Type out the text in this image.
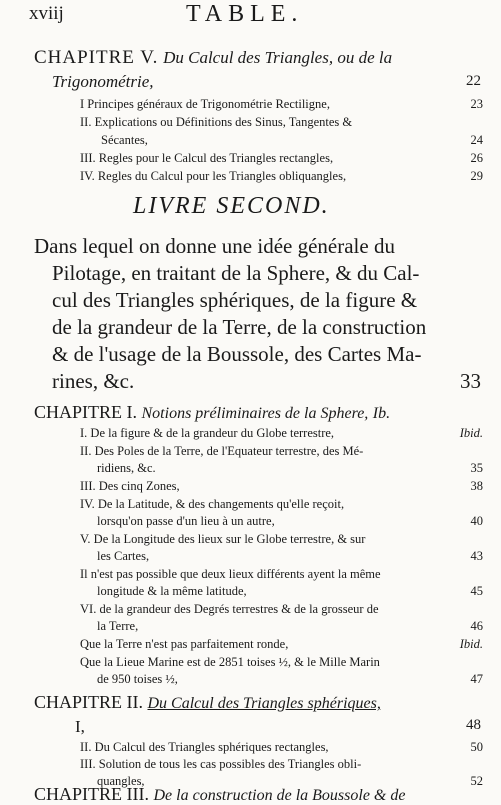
xviij	TABLE.
CHAPITRE V. Du Calcul des Triangles, ou de la
Trigonométrie,	22
I Principes généraux de Trigonométrie Rectiligne,	23
II. Explications ou Définitions des Sinus, Tangentes &
Sécantes,	24
III. Regles pour le Calcul des Triangles rectangles,	26
IV. Regles du Calcul pour les Triangles obliquangles,	29
LIVRE SECOND.
Dans lequel on donne une idée générale du
Pilotage, en traitant de la Sphere, & du Cal-
cul des Triangles sphériques, de la figure &
de la grandeur de la Terre, de la construction
& de l'usage de la Boussole, des Cartes Ma-
rines, &c.	33
CHAPITRE I. Notions préliminaires de la Sphere, Ib.
I. De la figure & de la grandeur du Globe terrestre,	Ibid.
II. Des Poles de la Terre, de l'Equateur terrestre, des Mé-
ridiens, &c.	35
III. Des cinq Zones,	38
IV. De la Latitude, & des changements qu'elle reçoit,
lorsqu'on passe d'un lieu à un autre,	40
V. De la Longitude des lieux sur le Globe terrestre, & sur
les Cartes,	43
Il n'est pas possible que deux lieux différents ayent la même
longitude & la même latitude,	45
VI. de la grandeur des Degrés terrestres & de la grosseur de
la Terre,	46
Que la Terre n'est pas parfaitement ronde,	Ibid.
Que la Lieue Marine est de 2851 toises ½, & le Mille Marin
de 950 toises ½,	47
CHAPITRE II. Du Calcul des Triangles sphériques,
I,	48
II. Du Calcul des Triangles sphériques rectangles,	50
III. Solution de tous les cas possibles des Triangles obli-
quangles,	52
CHAPITRE III. De la construction de la Boussole & de
